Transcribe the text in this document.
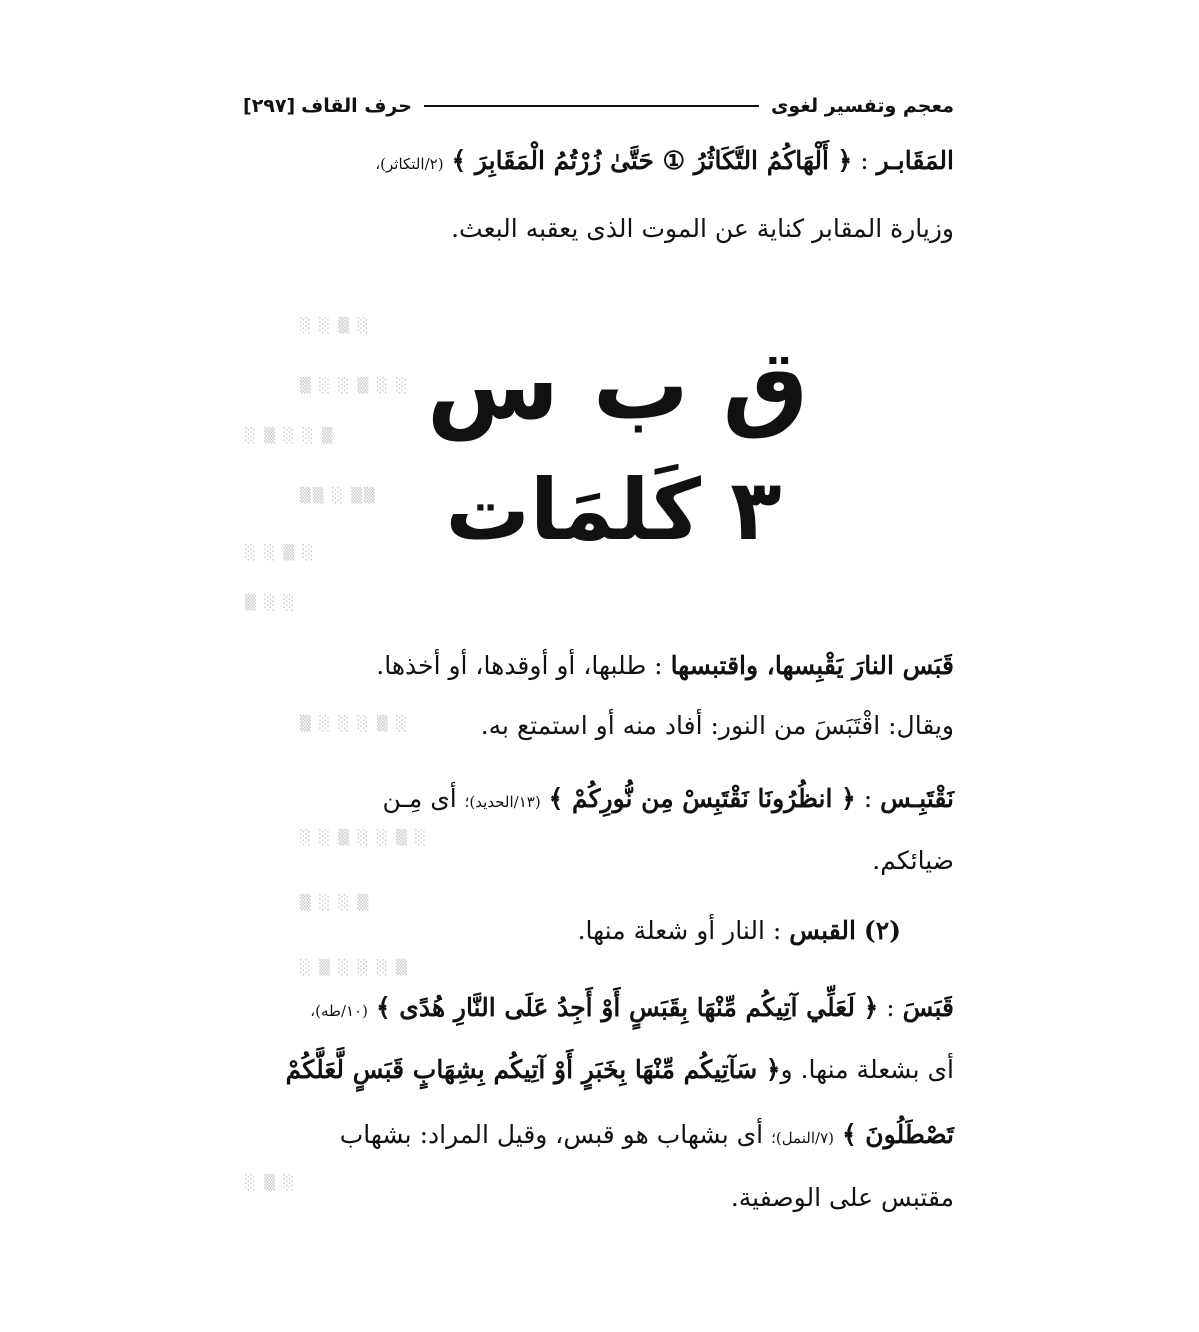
معجم وتفسير لغوى
حرف القاف
[٢٩٧]
المَقَابـر : ﴿ أَلْهَاكُمُ التَّكَاثُرُ ① حَتَّىٰ زُرْتُمُ الْمَقَابِرَ ﴾ (٢/التكاثر)،
وزيارة المقابر كناية عن الموت الذى يعقبه البعث.
ق ب س
٣ كَلمَات
قَبَس النارَ يَقْبِسها، واقتبسها : طلبها، أو أوقدها، أو أخذها.
ويقال: اقْتَبَسَ من النور: أفاد منه أو استمتع به.
نَقْتَبِـس : ﴿ انظُرُونَا نَقْتَبِسْ مِن نُّورِكُمْ ﴾ (١٣/الحديد)؛ أى مِـن
ضيائكم.
(٢) القبس : النار أو شعلة منها.
قَبَسَ : ﴿ لَعَلِّي آتِيكُم مِّنْهَا بِقَبَسٍ أَوْ أَجِدُ عَلَى النَّارِ هُدًى ﴾ (١٠/طه)،
أى بشعلة منها. و﴿ سَآتِيكُم مِّنْهَا بِخَبَرٍ أَوْ آتِيكُم بِشِهَابٍ قَبَسٍ لَّعَلَّكُمْ
تَصْطَلُونَ ﴾ (٧/النمل)؛ أى بشهاب هو قبس، وقيل المراد: بشهاب
مقتبس على الوصفية.
░ ░ ▒ ░
▒ ░ ░ ▒ ░ ░
░ ▒ ░ ░ ▒
▒▒ ░ ▒▒
░ ░ ▒ ░
▒ ░ ░
▒ ░ ░ ░ ▒ ░
░ ░ ▒ ░ ░ ▒ ░
▒ ░ ░ ▒
░ ▒ ░ ░ ░ ▒
░ ▒ ░
